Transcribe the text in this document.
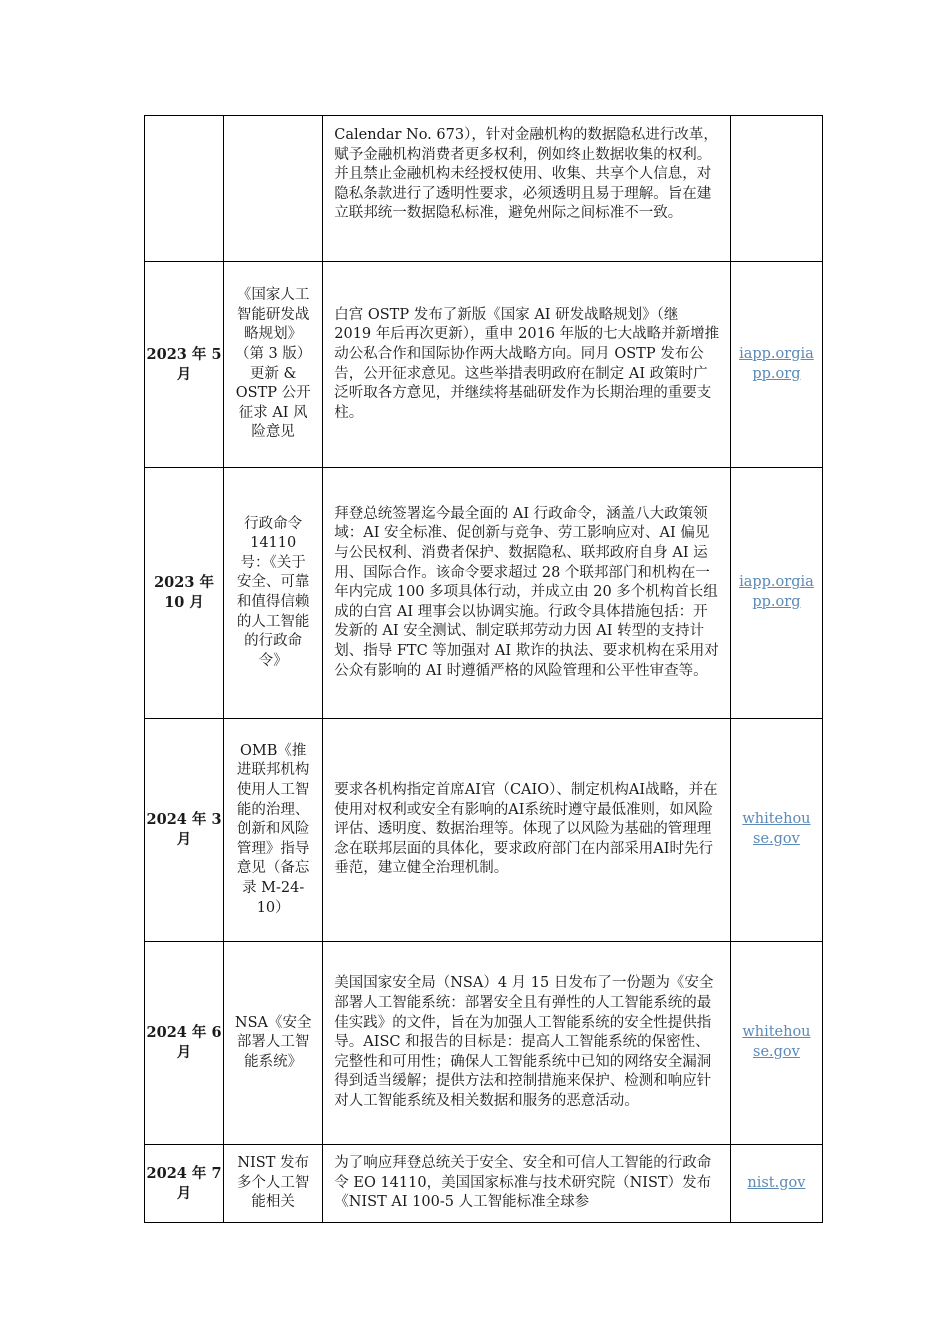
		Calendar No. 673），针对金融机构的数据隐私进行改革，赋予金融机构消费者更多权利，例如终止数据收集的权利。并且禁止金融机构未经授权使用、收集、共享个人信息，对隐私条款进行了透明性要求，必须透明且易于理解。旨在建立联邦统一数据隐私标准，避免州际之间标准不一致。	

2023 年 5 月	《国家人工智能研发战略规划》（第 3 版）更新 & OSTP 公开征求 AI 风险意见	白宫 OSTP 发布了新版《国家 AI 研发战略规划》（继 2019 年后再次更新），重申 2016 年版的七大战略并新增推动公私合作和国际协作两大战略方向。同月 OSTP 发布公告，公开征求意见。这些举措表明政府在制定 AI 政策时广泛听取各方意见，并继续将基础研发作为长期治理的重要支柱。	iapp.orgiapp.org
2023 年 10 月	行政命令 14110 号：《关于安全、可靠和值得信赖的人工智能的行政命令》	拜登总统签署迄今最全面的 AI 行政命令，涵盖八大政策领域：AI 安全标准、促创新与竞争、劳工影响应对、AI 偏见与公民权利、消费者保护、数据隐私、联邦政府自身 AI 运用、国际合作。该命令要求超过 28 个联邦部门和机构在一年内完成 100 多项具体行动，并成立由 20 多个机构首长组成的白宫 AI 理事会以协调实施。行政令具体措施包括：开发新的 AI 安全测试、制定联邦劳动力因 AI 转型的支持计划、指导 FTC 等加强对 AI 欺诈的执法、要求机构在采用对公众有影响的 AI 时遵循严格的风险管理和公平性审查等。	iapp.orgiapp.org
2024 年 3 月	OMB《推进联邦机构使用人工智能的治理、创新和风险管理》指导意见（备忘录 M-24-10）	要求各机构指定首席AI官（CAIO）、制定机构AI战略，并在使用对权利或安全有影响的AI系统时遵守最低准则，如风险评估、透明度、数据治理等。体现了以风险为基础的管理理念在联邦层面的具体化，要求政府部门在内部采用AI时先行垂范，建立健全治理机制。	whitehouse.gov
2024 年 6 月	NSA《安全部署人工智能系统》	美国国家安全局（NSA）4 月 15 日发布了一份题为《安全部署人工智能系统：部署安全且有弹性的人工智能系统的最佳实践》的文件，旨在为加强人工智能系统的安全性提供指导。AISC 和报告的目标是：提高人工智能系统的保密性、完整性和可用性；确保人工智能系统中已知的网络安全漏洞得到适当缓解；提供方法和控制措施来保护、检测和响应针对人工智能系统及相关数据和服务的恶意活动。	whitehouse.gov
2024 年 7 月	NIST 发布多个人工智能相关	为了响应拜登总统关于安全、安全和可信人工智能的行政命令 EO 14110，美国国家标准与技术研究院（NIST）发布《NIST AI 100-5 人工智能标准全球参	nist.gov
